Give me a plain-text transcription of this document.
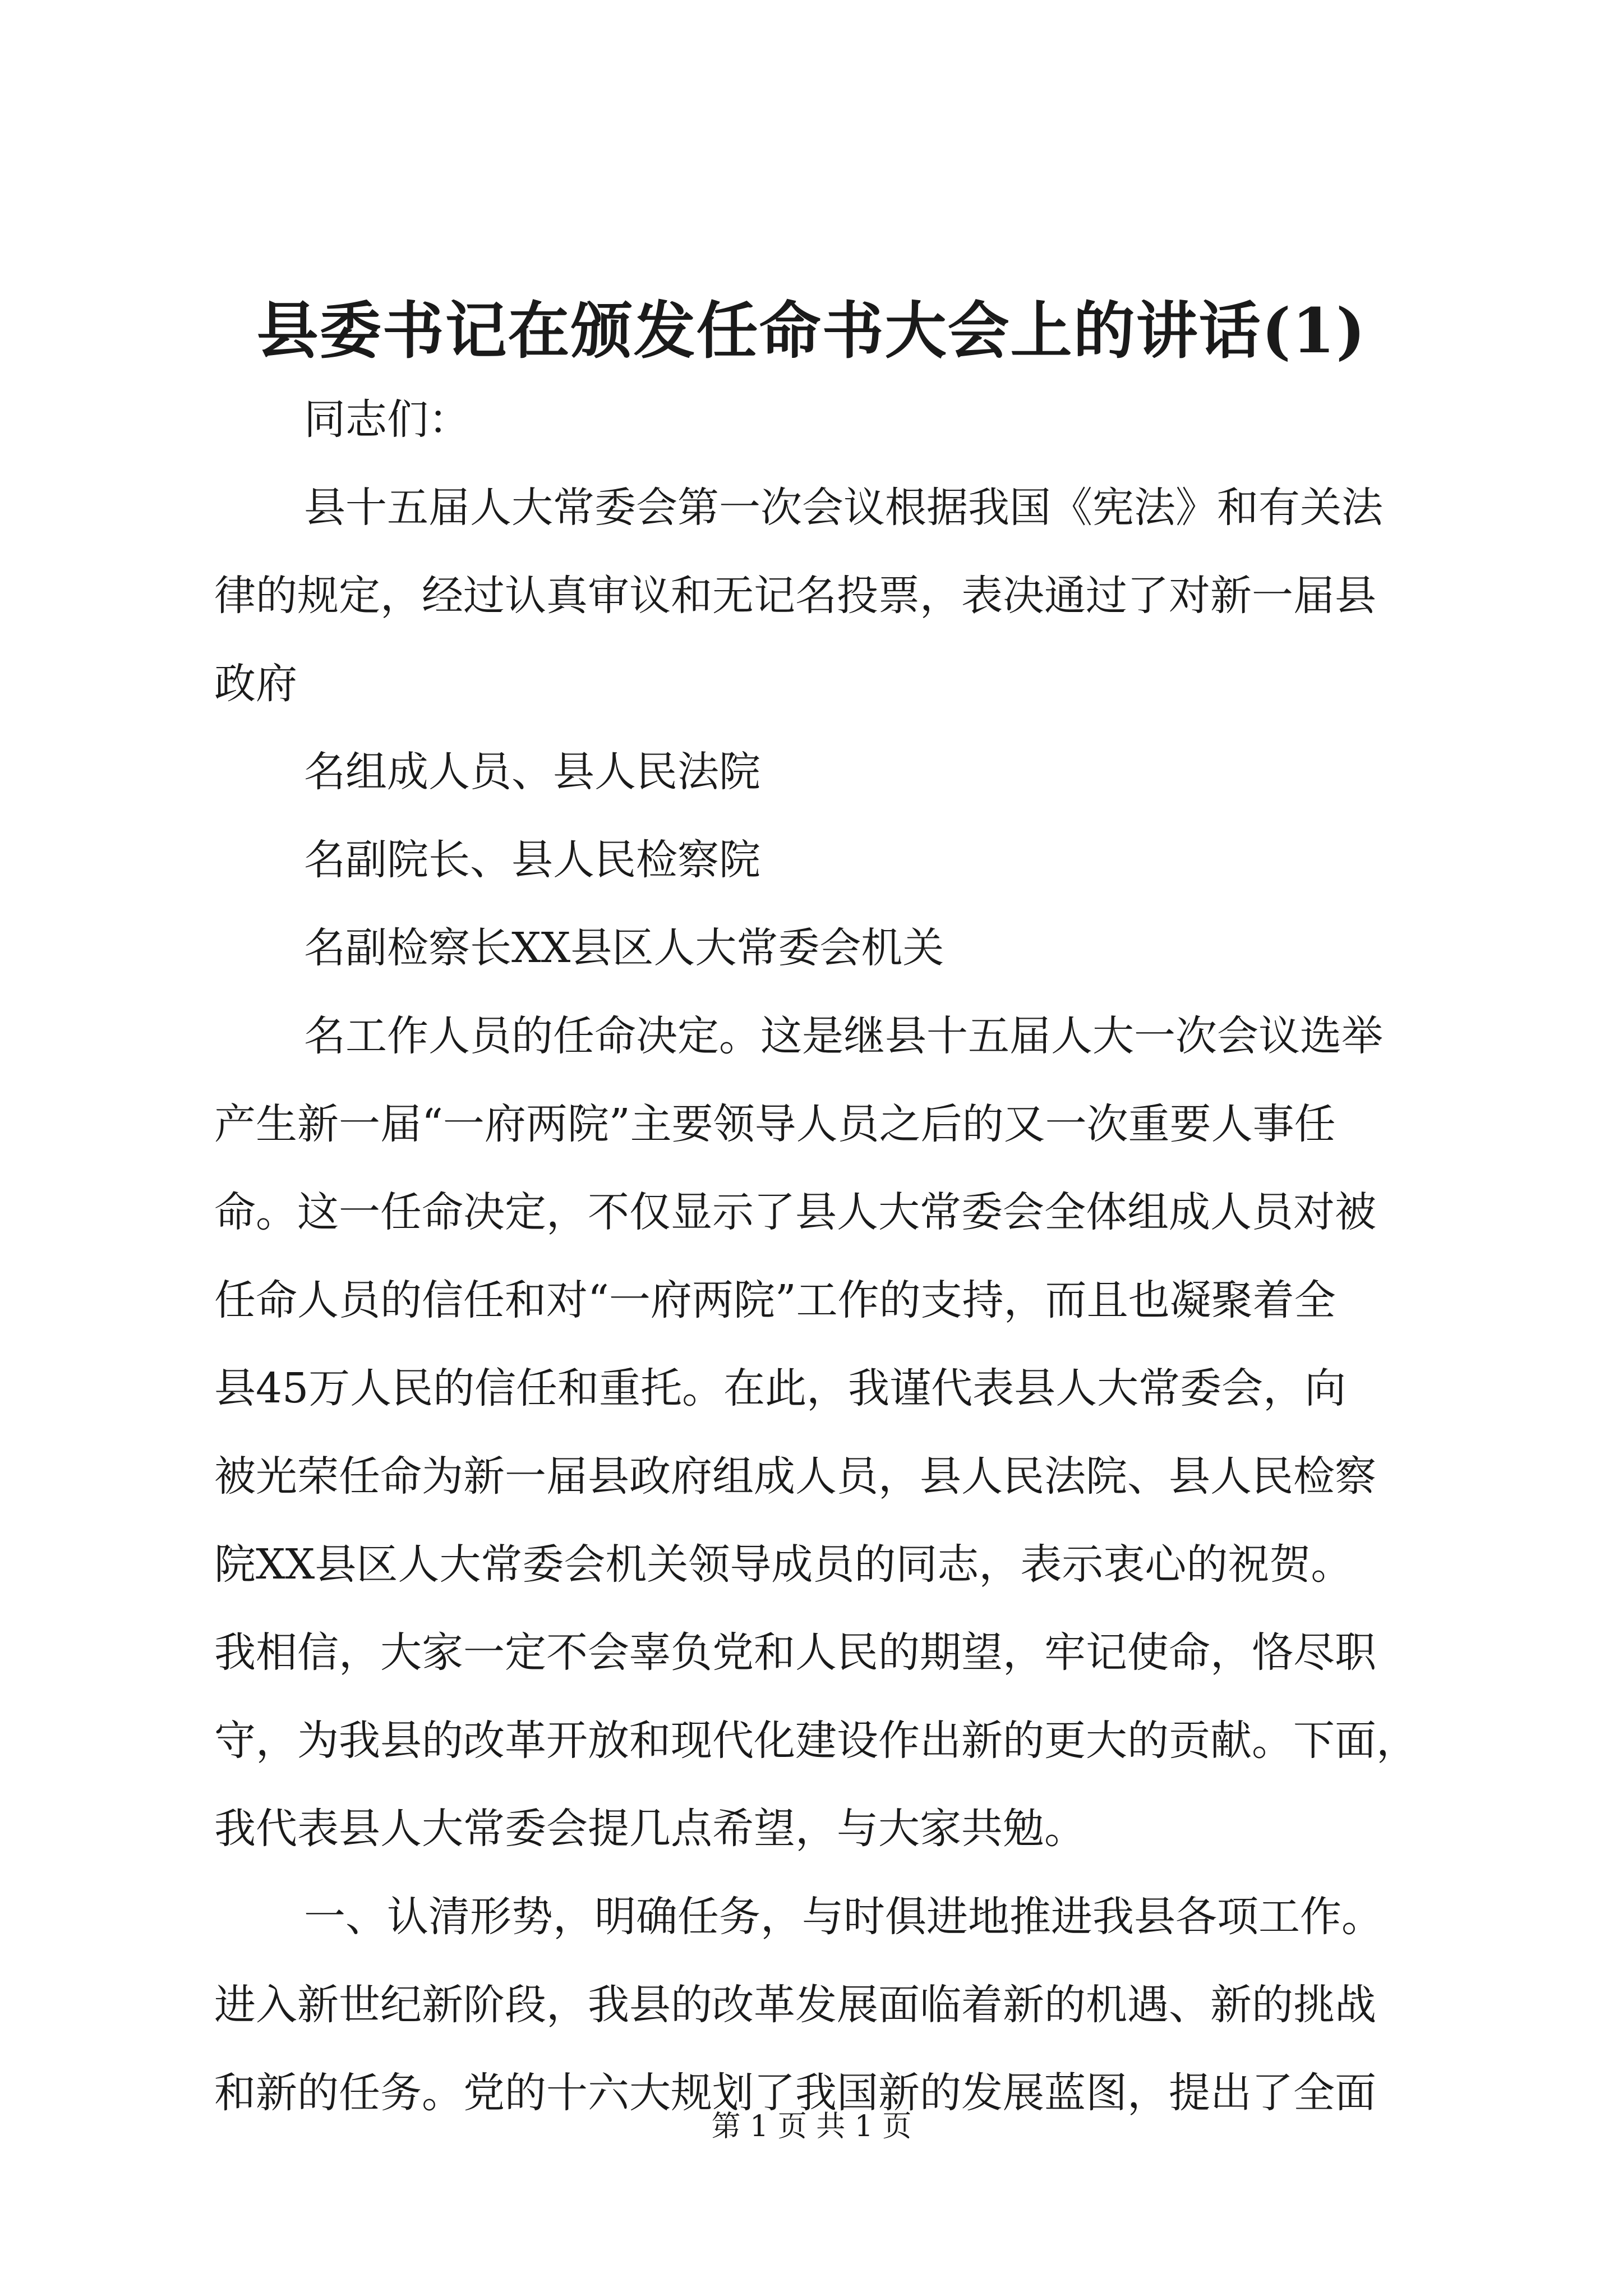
县委书记在颁发任命书大会上的讲话(1)
同志们：
县十五届人大常委会第一次会议根据我国《宪法》和有关法
律的规定，经过认真审议和无记名投票，表决通过了对新一届县
政府
名组成人员、县人民法院
名副院长、县人民检察院
名副检察长XX县区人大常委会机关
名工作人员的任命决定。这是继县十五届人大一次会议选举
产生新一届“一府两院”主要领导人员之后的又一次重要人事任
命。这一任命决定，不仅显示了县人大常委会全体组成人员对被
任命人员的信任和对“一府两院”工作的支持，而且也凝聚着全
县45万人民的信任和重托。在此，我谨代表县人大常委会，向
被光荣任命为新一届县政府组成人员，县人民法院、县人民检察
院XX县区人大常委会机关领导成员的同志，表示衷心的祝贺。
我相信，大家一定不会辜负党和人民的期望，牢记使命，恪尽职
守，为我县的改革开放和现代化建设作出新的更大的贡献。下面，
我代表县人大常委会提几点希望，与大家共勉。
一、认清形势，明确任务，与时俱进地推进我县各项工作。
进入新世纪新阶段，我县的改革发展面临着新的机遇、新的挑战
和新的任务。党的十六大规划了我国新的发展蓝图，提出了全面
第 1 页 共 1 页
